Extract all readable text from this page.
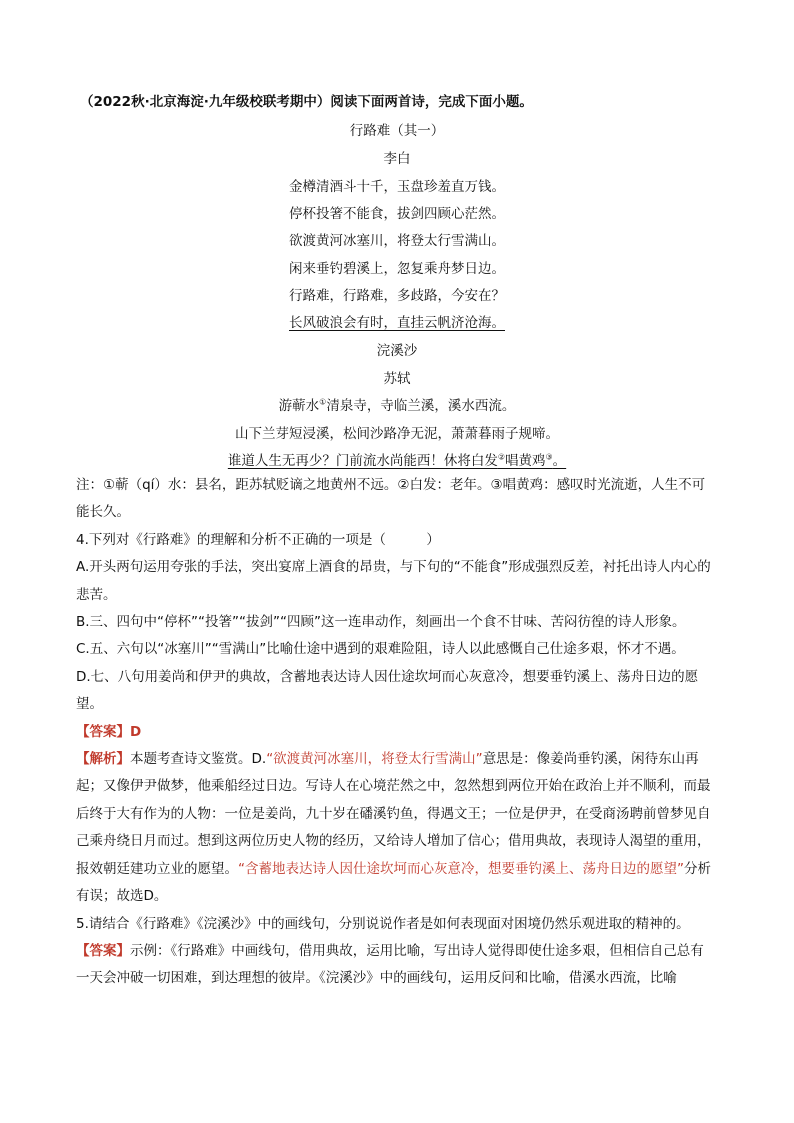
（2022秋·北京海淀·九年级校联考期中）阅读下面两首诗，完成下面小题。
行路难（其一）
李白
金樽清酒斗十千，玉盘珍羞直万钱。
停杯投箸不能食，拔剑四顾心茫然。
欲渡黄河冰塞川，将登太行雪满山。
闲来垂钓碧溪上，忽复乘舟梦日边。
行路难，行路难，多歧路，今安在？
长风破浪会有时，直挂云帆济沧海。
浣溪沙
苏轼
游蕲水①清泉寺，寺临兰溪，溪水西流。
山下兰芽短浸溪，松间沙路净无泥，萧萧暮雨子规啼。
谁道人生无再少？门前流水尚能西！休将白发②唱黄鸡③。

注：①蕲（qí）水：县名，距苏轼贬谪之地黄州不远。②白发：老年。③唱黄鸡：感叹时光流逝，人生不可能长久。

4.下列对《行路难》的理解和分析不正确的一项是（　　　）

A.开头两句运用夸张的手法，突出宴席上酒食的昂贵，与下句的“不能食”形成强烈反差，衬托出诗人内心的悲苦。

B.三、四句中“停杯”“投箸”“拔剑”“四顾”这一连串动作，刻画出一个食不甘味、苦闷彷徨的诗人形象。

C.五、六句以“冰塞川”“雪满山”比喻仕途中遇到的艰难险阻，诗人以此感慨自己仕途多艰，怀才不遇。

D.七、八句用姜尚和伊尹的典故，含蓄地表达诗人因仕途坎坷而心灰意冷，想要垂钓溪上、荡舟日边的愿望。

【答案】D

【解析】本题考查诗文鉴赏。D.“欲渡黄河冰塞川，将登太行雪满山”意思是：像姜尚垂钓溪，闲待东山再起；又像伊尹做梦，他乘船经过日边。写诗人在心境茫然之中，忽然想到两位开始在政治上并不顺利，而最后终于大有作为的人物：一位是姜尚，九十岁在磻溪钓鱼，得遇文王；一位是伊尹，在受商汤聘前曾梦见自己乘舟绕日月而过。想到这两位历史人物的经历，又给诗人增加了信心；借用典故，表现诗人渴望的重用，报效朝廷建功立业的愿望。“含蓄地表达诗人因仕途坎坷而心灰意冷，想要垂钓溪上、荡舟日边的愿望”分析有误；故选D。

5.请结合《行路难》《浣溪沙》中的画线句，分别说说作者是如何表现面对困境仍然乐观进取的精神的。

【答案】示例：《行路难》中画线句，借用典故，运用比喻，写出诗人觉得即使仕途多艰，但相信自己总有一天会冲破一切困难，到达理想的彼岸。《浣溪沙》中的画线句，运用反问和比喻，借溪水西流，比喻
